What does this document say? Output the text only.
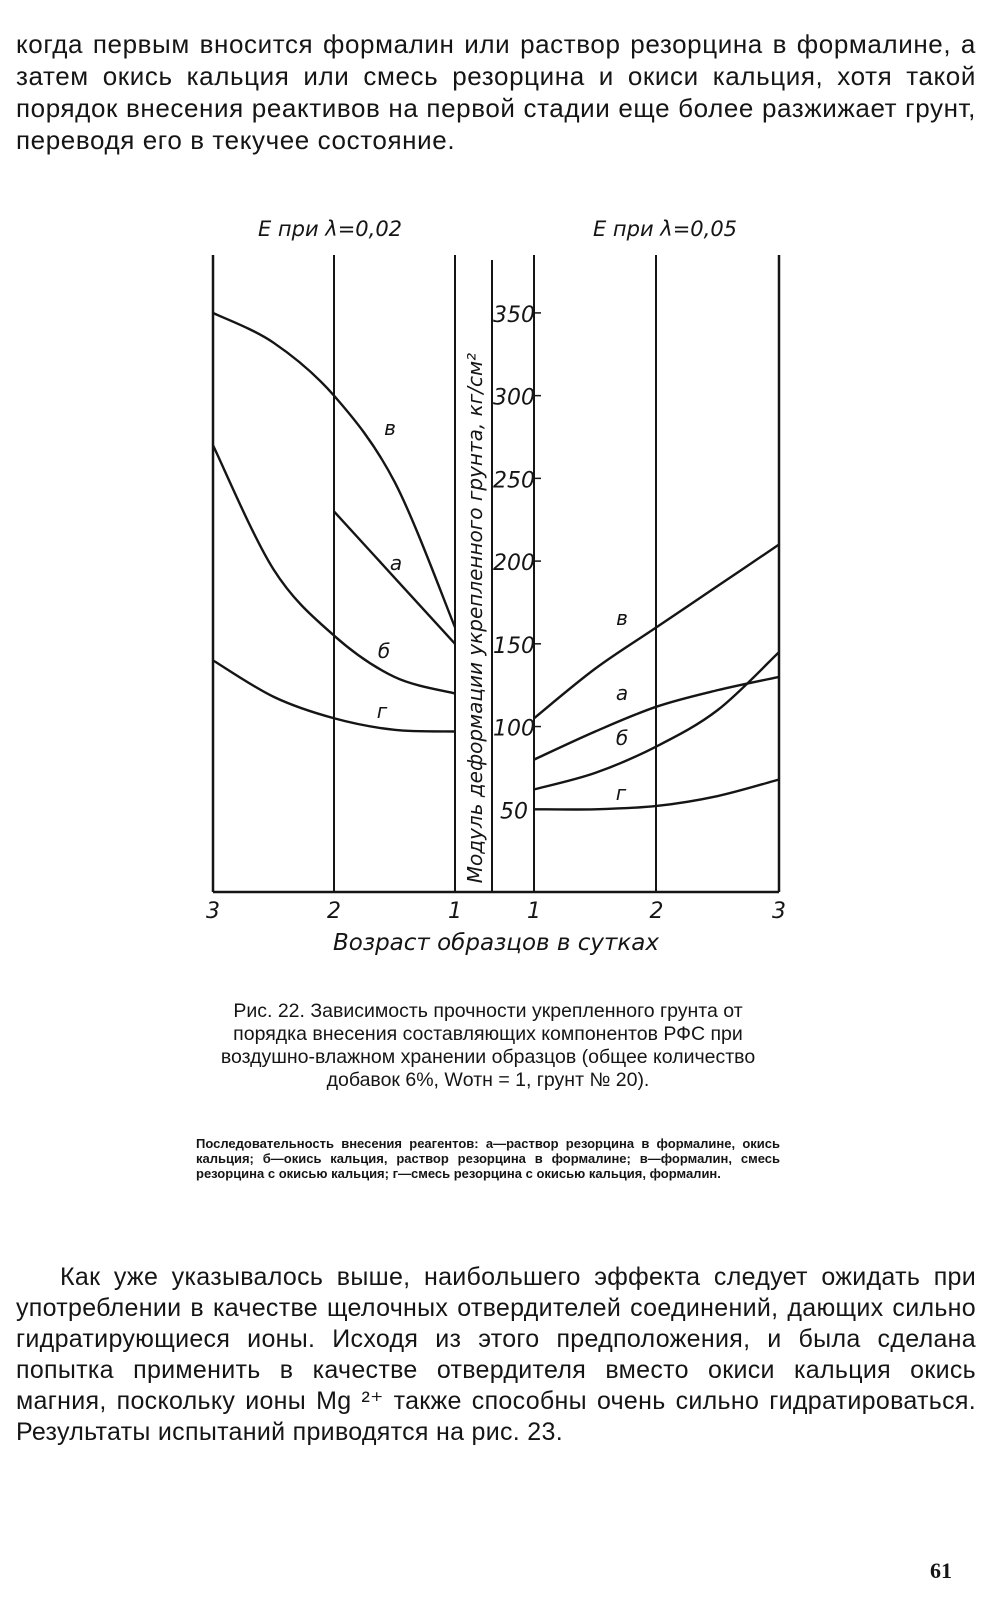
когда первым вносится формалин или раствор резорцина в формалине, а затем окись кальция или смесь резорцина и окиси кальция, хотя такой порядок внесения реактивов на первой стадии еще более разжижает грунт, переводя его в текучее состояние.

50
100
150
200
250
300
350
Модуль деформации укрепленного грунта, кг/см²
Возраст образцов в сутках
E при λ=0,02
3	2	1
в
а
б
г
E при λ=0,05
1	2	3
в
а
б
г

Рис. 22. Зависимость прочности укрепленного грунта от порядка внесения составляющих компонентов РФС при воздушно-влажном хранении образцов (общее количество добавок 6%, Wотн = 1, грунт № 20).

Последовательность внесения реагентов: а—раствор резорцина в формалине, окись кальция; б—окись кальция, раствор резорцина в формалине; в—формалин, смесь резорцина с окисью кальция; г—смесь резорцина с окисью кальция, формалин.

Как уже указывалось выше, наибольшего эффекта следует ожидать при употреблении в качестве щелочных отвердителей соединений, дающих сильно гидратирующиеся ионы. Исходя из этого предположения, и была сделана попытка применить в качестве отвердителя вместо окиси кальция окись магния, поскольку ионы Mg ²⁺ также способны очень сильно гидратироваться. Результаты испытаний приводятся на рис. 23.

61
